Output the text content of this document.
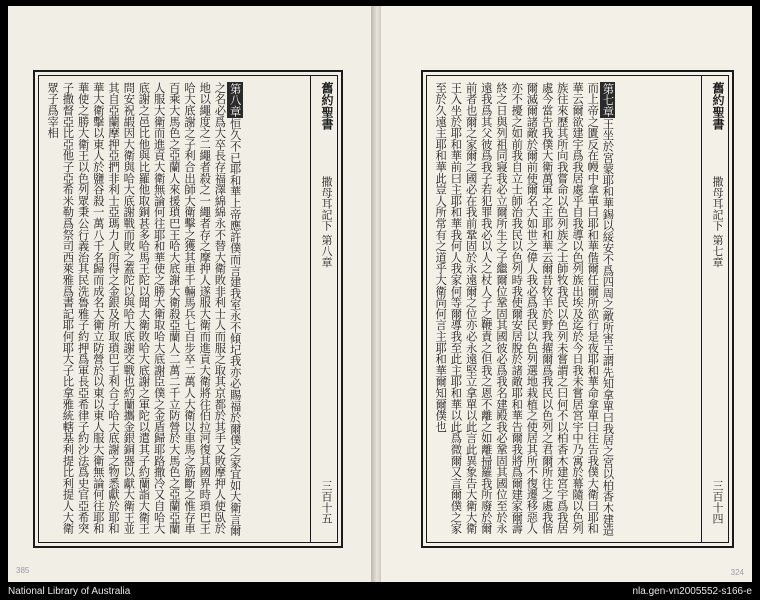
舊約聖書
撒母耳記下 第八章
三百十五

第八章恒久不已耶和華上帝應許僕而言建我室永不傾圮我亦必賜福於爾僕之家宜如大衛言爾之名必爲大卒長存福澤綿綿永不替大衛敗非利士人而服之取其京都於其手又敗摩押人使臥於地以繩度之二繩者殺之一繩者存之摩押人遂服大衛而進貢大衛將往伯拉河復其國界時瑣巴王哈大底謝之子利合出師大衛擊之獲其車千輛馬兵七百步卒二萬人大衛以車馬之筋斷之惟存車百乘大馬色之亞蘭人來援瑣巴王哈大底謝大衛殺亞蘭人二萬二千立防營於大馬色之亞蘭亞蘭人服大衛而進貢大衛無論何往耶和華使之勝大衛取哈大底謝臣僕之金盾歸耶路撒冷又自哈大底謝之邑比他與比羅他取銅甚多哈馬王陀以聞大衛敗哈大底謝之軍陀以遣其子約蘭詣大衛王問安祝嘏因大衛與哈大底謝戰而敗之蓋陀以與哈大底謝交戰也約蘭攜金銀銅器以獻大衛王並其自亞蘭摩押亞捫非利士亞瑪力人所得之金銀及所取瑣巴王利合子哈大底謝之物悉獻於耶和華大衛擊以東人於鹽谷殺一萬八千名歸而成名大衛立防營於以東以東人服大衛無論何往耶和華使之勝大衛王以色列眾秉公行義治其民洗魯雅子約押爲軍長亞希律子約沙法爲史官亞希突子撒督亞比亞他子亞希米勒爲祭司西萊雅爲書記耶何耶大子比拿雅統轄基利提比利提人大衛眾子爲宰相

385
舊約聖書
撒母耳記下 第七章
三百十四

第七章王坐於宮蒙耶和華錫以綏安不爲四周之敵所害王謂先知拿單曰我居之宮以柏香木建造而上帝之匱反在幔中拿單曰耶和華偕爾任爾所欲行是夜耶和華命拿單曰往告我僕大衛曰耶和華云爾欲建宇爲我居處乎自我導以色列族出埃及迄於今日我未嘗居宮宇中乃寓於幕隨以色列族往來歷其所向我嘗命以色列族之士師牧我民以色列未嘗謂之曰何不以柏香木建宮宇爲我居處今當告我僕大衛萬軍之主耶和華云爾昔牧羊於野我擢爾爲我民以色列之君爾所往之處我偕爾滅爾諸敵於爾前使爾名大如世之偉人我必爲我民以色列選地栽植之使居其所不復遷移惡人亦不擾之如前我自立士師治我民以色列時我使爾安居脫於諸敵耶和華告爾我將爲爾建家爾壽終之日與列祖同寢我必立爾所生之子繼爾位鞏固其國彼必爲我名建殿我必鞏固其國位至於永遠我爲其父彼爲我子若犯罪我必以人之杖人子之鞭責之但我之恩不離之如離掃羅我所廢於爾前者也爾之家爾之國必在我前鞏固於永遠爾之位亦必永遠堅立拿單以此言此異象告大衛大衛王入坐於耶和華前曰主耶和華我何人我家何等爾導我至此主耶和華以此爲微爾又言爾僕之家至於久遠主耶和華此豈人所常有之道乎大衛尚何言主耶和華爾知爾僕也

324
National Library of Australia	nla.gen-vn2005552-s166-e
